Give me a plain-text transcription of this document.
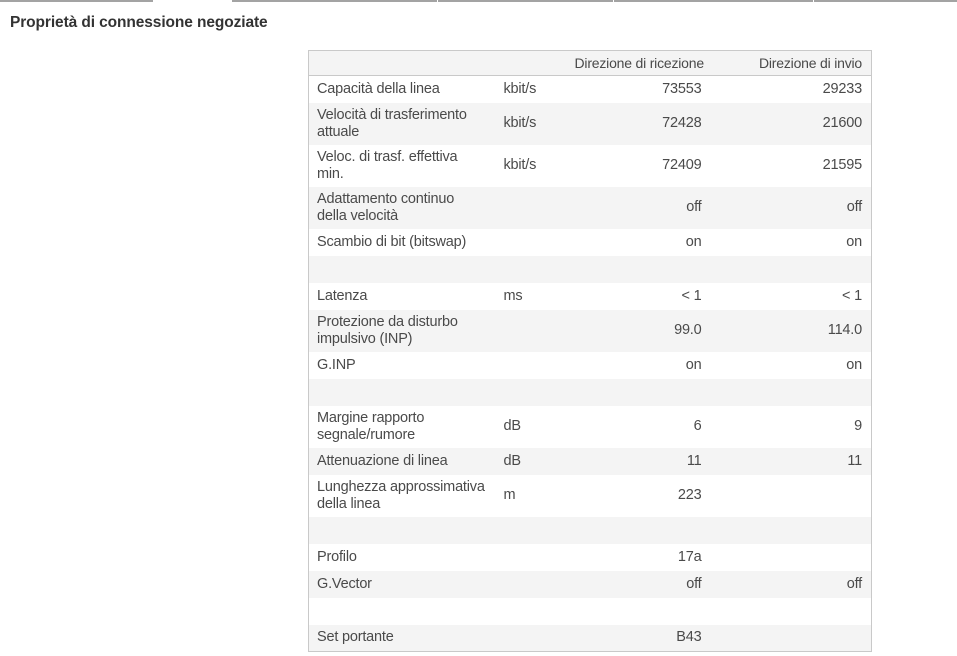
Proprietà di connessione negoziate
		Direzione di ricezione	Direzione di invio
Capacità della linea	kbit/s	73553	29233
Velocità di trasferimento attuale	kbit/s	72428	21600
Veloc. di trasf. effettiva min.	kbit/s	72409	21595
Adattamento continuo della velocità		off	off
Scambio di bit (bitswap)		on	on

Latenza	ms	< 1	< 1
Protezione da disturbo impulsivo (INP)		99.0	114.0
G.INP		on	on

Margine rapporto segnale/rumore	dB	6	9
Attenuazione di linea	dB	11	11
Lunghezza approssimativa della linea	m	223	

Profilo		17a	
G.Vector		off	off

Set portante		B43	
